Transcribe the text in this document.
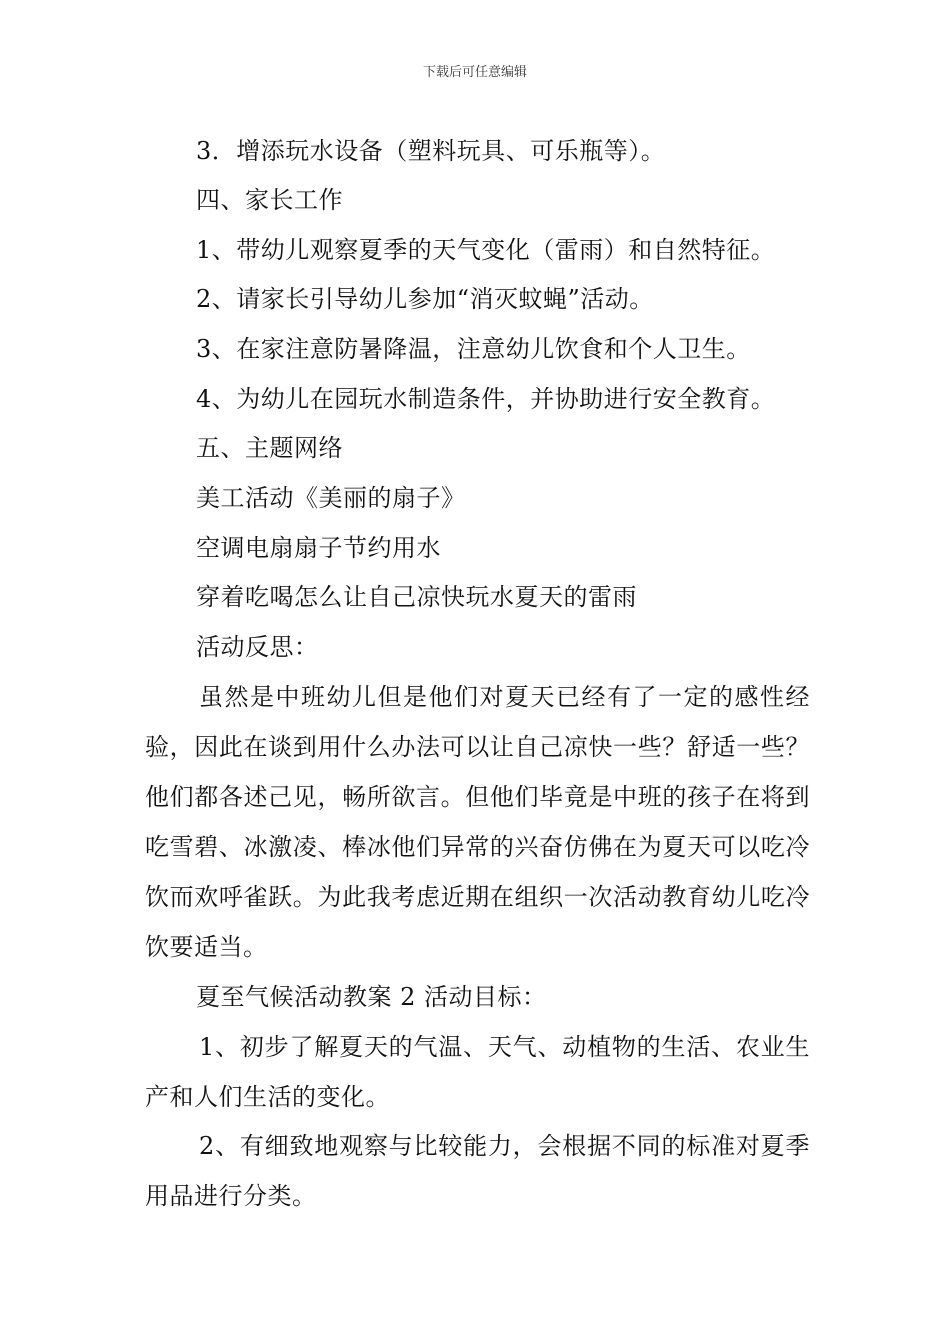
下载后可任意编辑
3．增添玩水设备（塑料玩具、可乐瓶等）。
四、家长工作
1、带幼儿观察夏季的天气变化（雷雨）和自然特征。
2、请家长引导幼儿参加“消灭蚊蝇”活动。
3、在家注意防暑降温，注意幼儿饮食和个人卫生。
4、为幼儿在园玩水制造条件，并协助进行安全教育。
五、主题网络
美工活动《美丽的扇子》
空调电扇扇子节约用水
穿着吃喝怎么让自己凉快玩水夏天的雷雨
活动反思：
虽然是中班幼儿但是他们对夏天已经有了一定的感性经验，因此在谈到用什么办法可以让自己凉快一些？舒适一些？他们都各述己见，畅所欲言。但他们毕竟是中班的孩子在将到吃雪碧、冰激凌、棒冰他们异常的兴奋仿佛在为夏天可以吃冷饮而欢呼雀跃。为此我考虑近期在组织一次活动教育幼儿吃冷饮要适当。
夏至气候活动教案 2 活动目标：
1、初步了解夏天的气温、天气、动植物的生活、农业生产和人们生活的变化。
2、有细致地观察与比较能力，会根据不同的标准对夏季用品进行分类。
